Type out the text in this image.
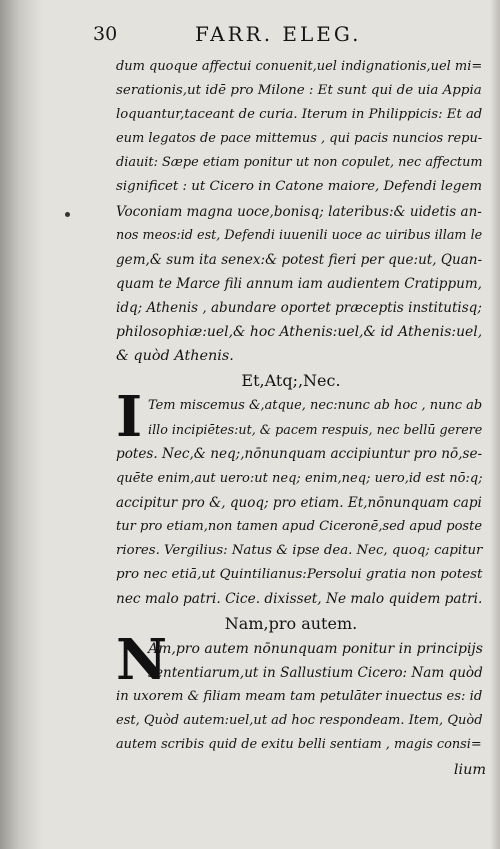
30	FARR. ELEG.
dum quoque affectui conuenit,uel indignationis,uel mi=
serationis,ut idē pro Milone : Et sunt qui de uia Appia
loquantur,taceant de curia. Iterum in Philippicis: Et ad
eum legatos de pace mittemus , qui pacis nuncios repu-
diauit: Sæpe etiam ponitur ut non copulet, nec affectum
significet : ut Cicero in Catone maiore, Defendi legem
Voconiam magna uoce,bonisq; lateribus:& uidetis an-
nos meos:id est, Defendi iuuenili uoce ac uiribus illam le
gem,& sum ita senex:& potest fieri per que:ut, Quan-
quam te Marce fili annum iam audientem Cratippum,
idq; Athenis , abundare oportet præceptis institutisq;
philosophiæ:uel,& hoc Athenis:uel,& id Athenis:uel,
& quòd Athenis.
Et,Atq;,Nec.
I Tem miscemus &,atque, nec:nunc ab hoc , nunc ab
illo incipiētes:ut, & pacem respuis, nec bellū gerere
potes. Nec,& neq;,nōnunquam accipiuntur pro nō,se-
quēte enim,aut uero:ut neq; enim,neq; uero,id est nō:q;
accipitur pro &, quoq; pro etiam. Et,nōnunquam capi
tur pro etiam,non tamen apud Ciceronē,sed apud poste
riores. Vergilius: Natus & ipse dea. Nec, quoq; capitur
pro nec etiā,ut Quintilianus:Persolui gratia non potest
nec malo patri. Cice. dixisset, Ne malo quidem patri.
Nam,pro autem.
N
Am,pro autem nōnunquam ponitur in principijs
sententiarum,ut in Sallustium Cicero: Nam quòd
in uxorem & filiam meam tam petulāter inuectus es: id
est, Quòd autem:uel,ut ad hoc respondeam. Item, Quòd
autem scribis quid de exitu belli sentiam , magis consi=
lium
